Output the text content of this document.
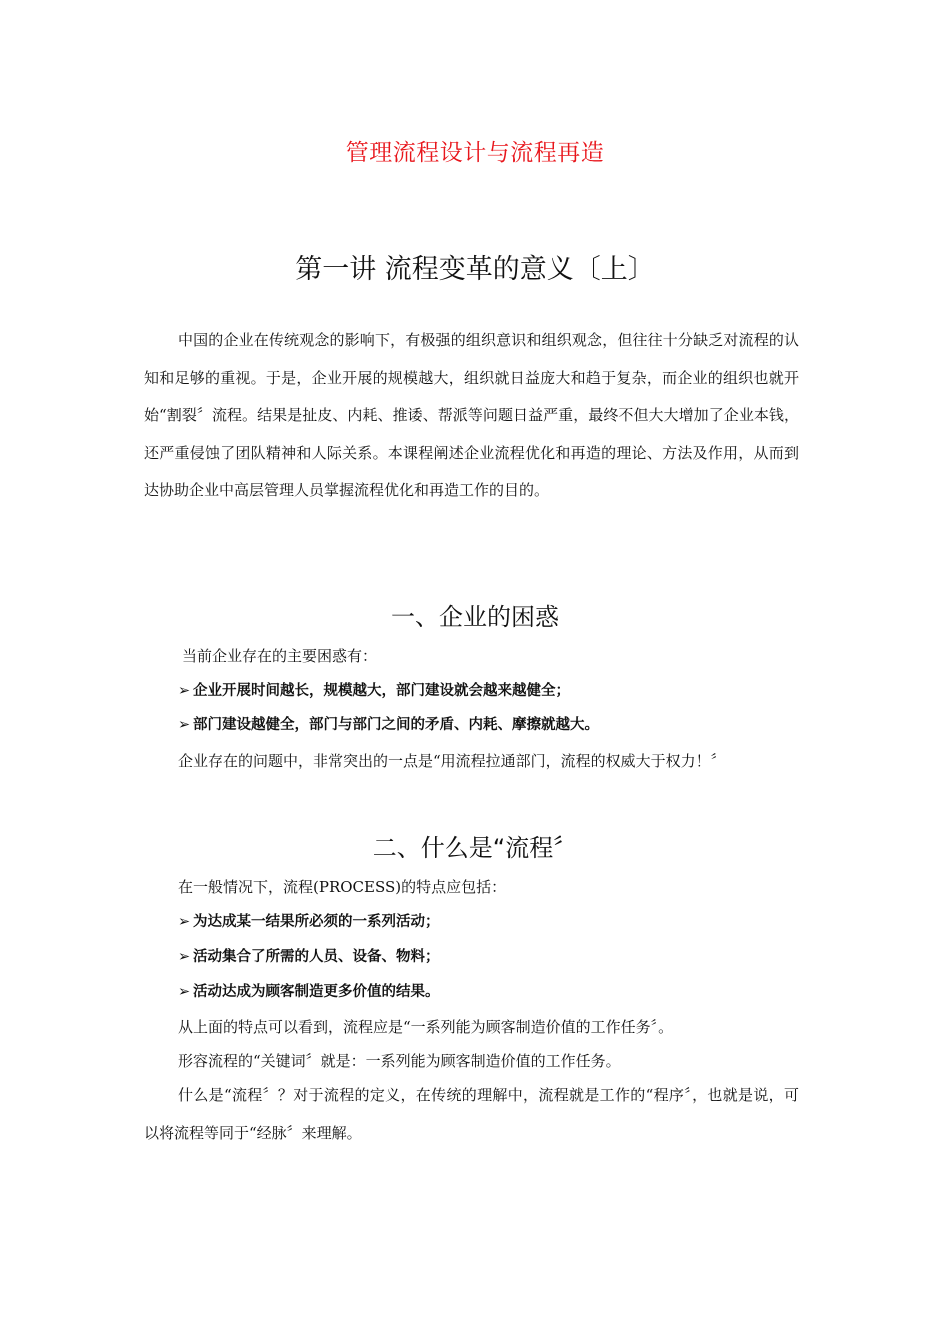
管理流程设计与流程再造
第一讲 流程变革的意义〔上〕

中国的企业在传统观念的影响下，有极强的组织意识和组织观念，但往往十分缺乏对流程的认知和足够的重视。于是，企业开展的规模越大，组织就日益庞大和趋于复杂，而企业的组织也就开始“割裂〞流程。结果是扯皮、内耗、推诿、帮派等问题日益严重，最终不但大大增加了企业本钱，还严重侵蚀了团队精神和人际关系。本课程阐述企业流程优化和再造的理论、方法及作用，从而到达协助企业中高层管理人员掌握流程优化和再造工作的目的。

一、企业的困惑
当前企业存在的主要困惑有：
➢ 企业开展时间越长，规模越大，部门建设就会越来越健全；
➢ 部门建设越健全，部门与部门之间的矛盾、内耗、摩擦就越大。
企业存在的问题中，非常突出的一点是“用流程拉通部门，流程的权威大于权力！〞
二、什么是“流程〞
在一般情况下，流程(PROCESS)的特点应包括：
➢ 为达成某一结果所必须的一系列活动；
➢ 活动集合了所需的人员、设备、物料；
➢ 活动达成为顾客制造更多价值的结果。
从上面的特点可以看到，流程应是“一系列能为顾客制造价值的工作任务〞。
形容流程的“关键词〞就是：一系列能为顾客制造价值的工作任务。

什么是“流程〞？对于流程的定义，在传统的理解中，流程就是工作的“程序〞，也就是说，可以将流程等同于“经脉〞来理解。
